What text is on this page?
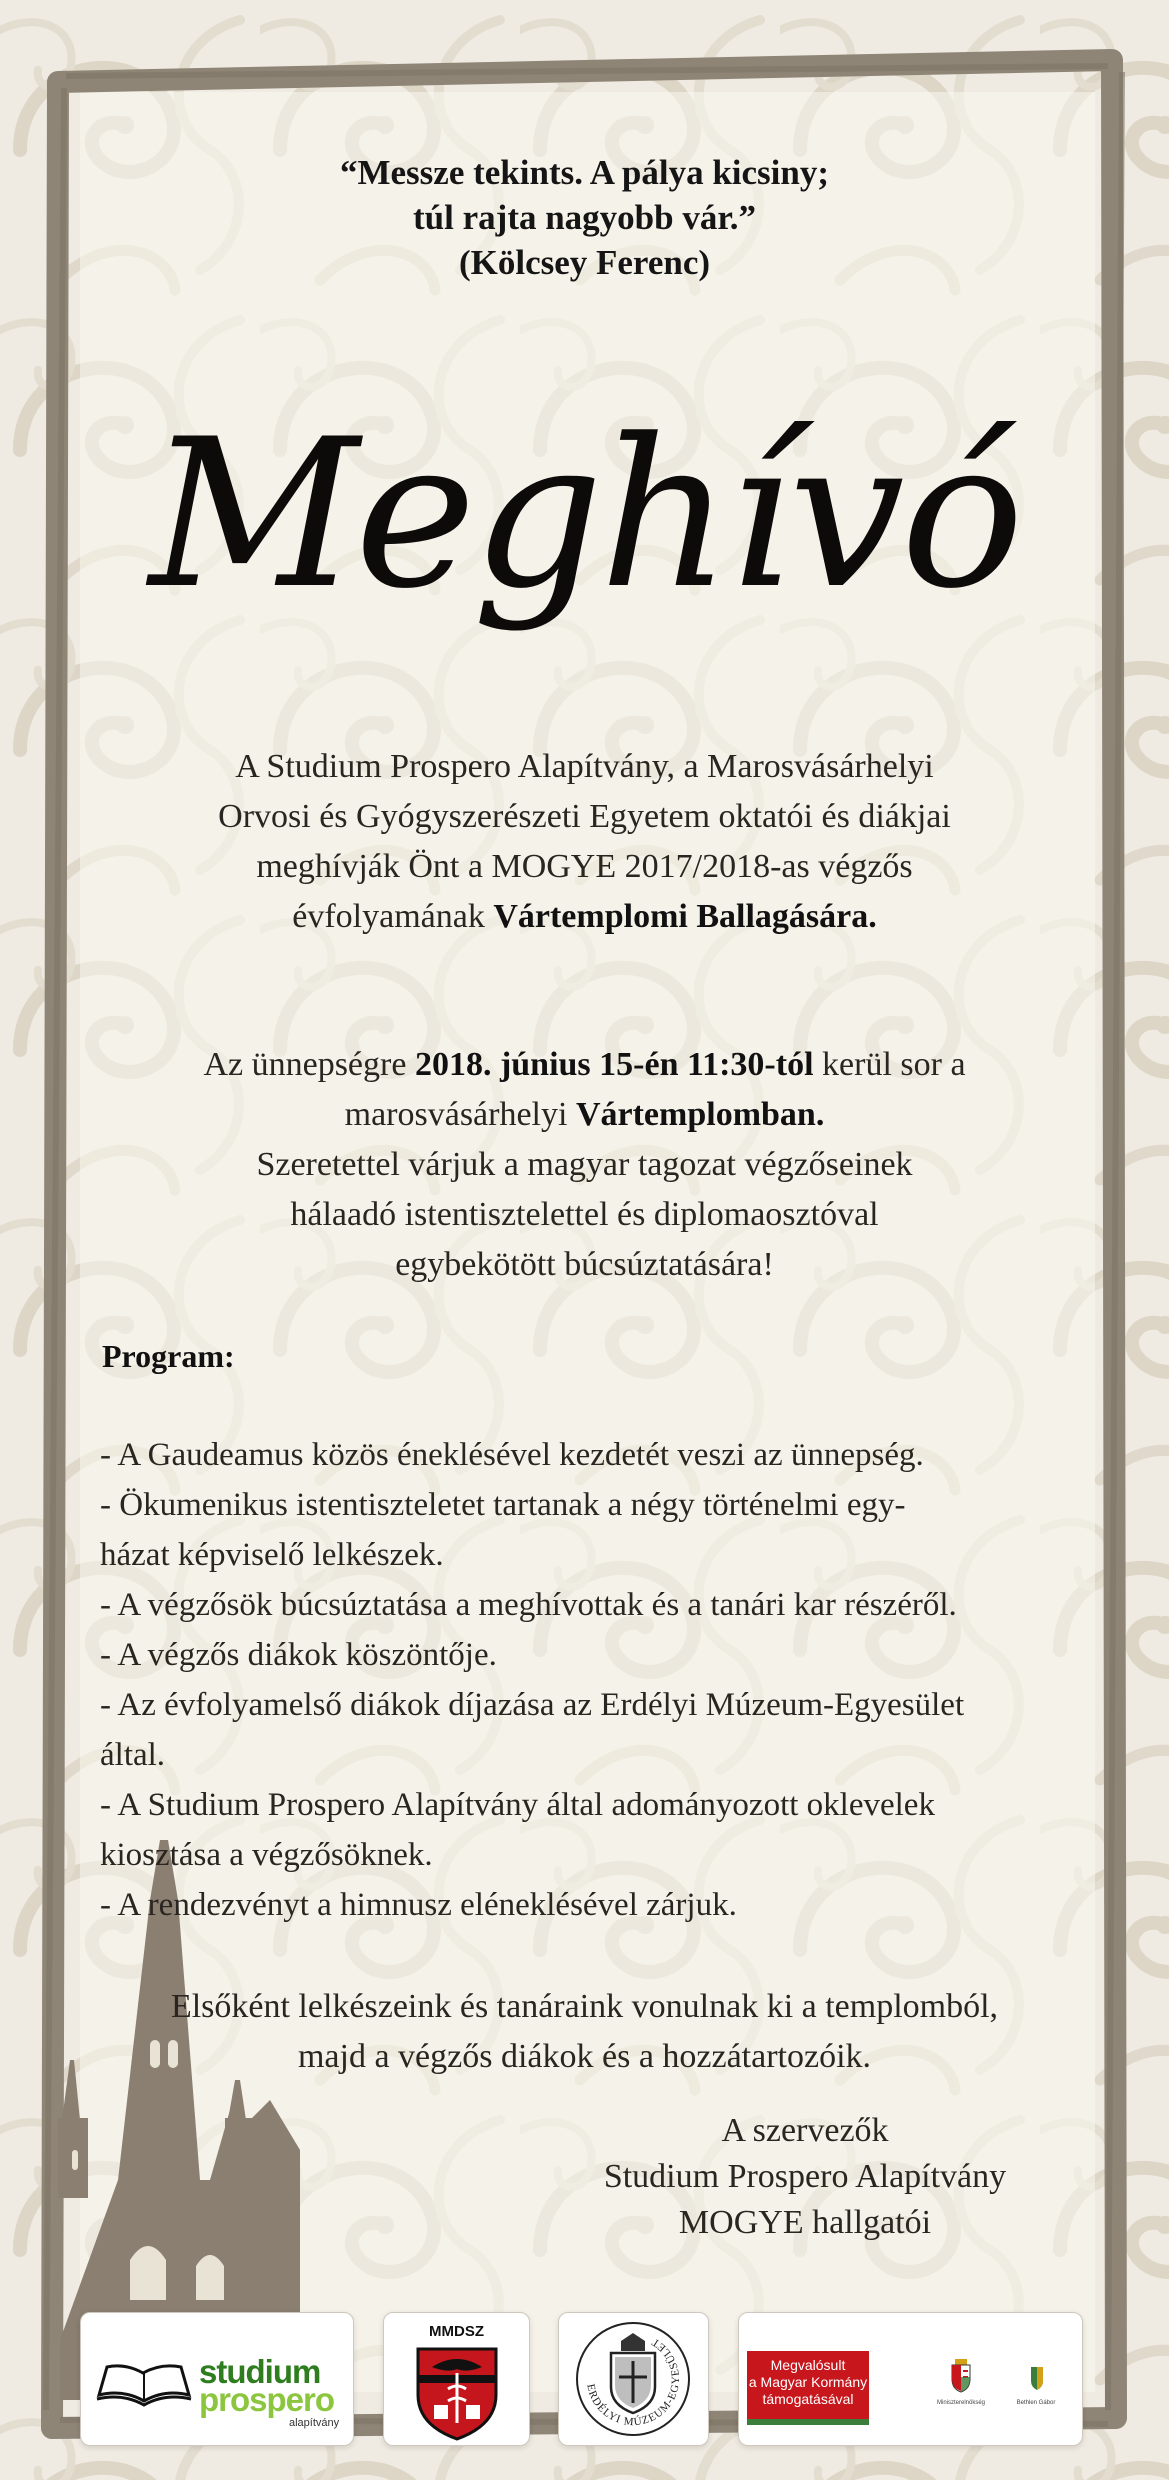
“Messze tekints. A pálya kicsiny;
túl rajta nagyobb vár.”
(Kölcsey Ferenc)
Meghívó
A Studium Prospero Alapítvány, a Marosvásárhelyi
Orvosi és Gyógyszerészeti Egyetem oktatói és diákjai
meghívják Önt a MOGYE 2017/2018-as végzős
évfolyamának Vártemplomi Ballagására.
Az ünnepségre 2018. június 15-én 11:30-tól kerül sor a
marosvásárhelyi Vártemplomban.
Szeretettel várjuk a magyar tagozat végzőseinek
hálaadó istentisztelettel és diplomaosztóval
egybekötött búcsúztatására!
Program:
- A Gaudeamus közös éneklésével kezdetét veszi az ünnepség.
- Ökumenikus istentiszteletet tartanak a négy történelmi egy-
házat képviselő lelkészek.
- A végzősök búcsúztatása a meghívottak és a tanári kar részéről.
- A végzős diákok köszöntője.
- Az évfolyamelső diákok díjazása az Erdélyi Múzeum-Egyesület
által.
- A Studium Prospero Alapítvány által adományozott oklevelek
kiosztása a végzősöknek.
- A rendezvényt a himnusz eléneklésével zárjuk.
Elsőként lelkészeink és tanáraink vonulnak ki a templomból,
majd a végzős diákok és a hozzátartozóik.
A szervezők
Studium Prospero Alapítvány
MOGYE hallgatói
studium
prospero
alapítvány
MMDSZ
ERDÉLYI MÚZEUM-EGYESÜLET
Megvalósult
a Magyar Kormány
támogatásával	Miniszterelnökség	Bethlen Gábor
